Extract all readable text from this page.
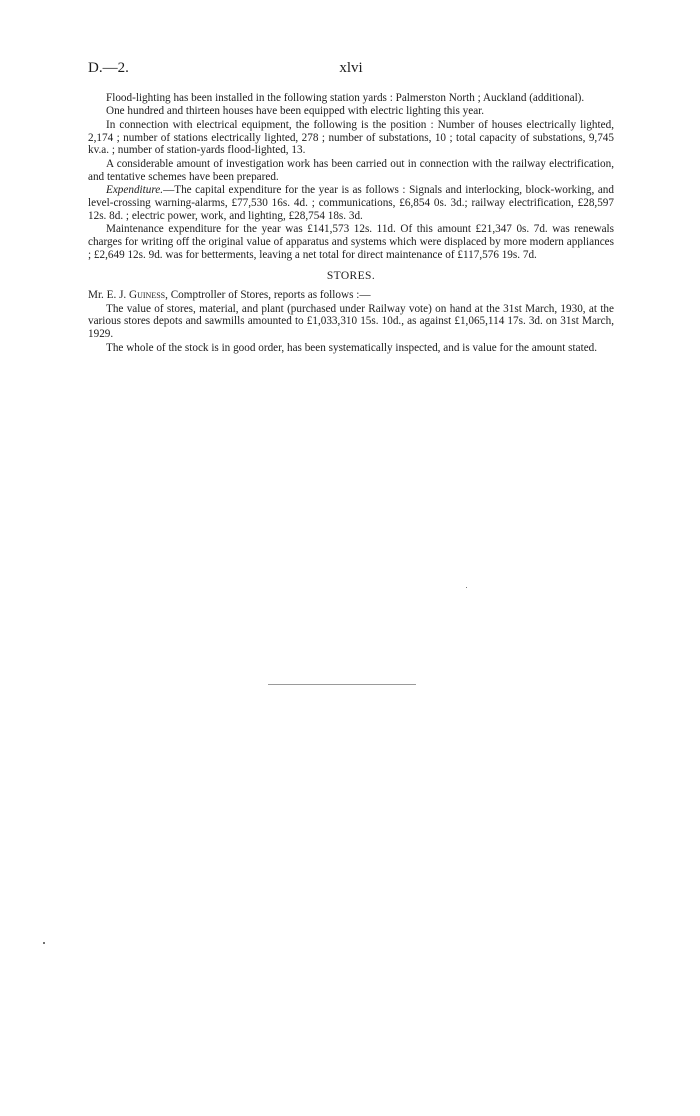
D.—2.	xlvi

Flood-lighting has been installed in the following station yards : Palmerston North ; Auckland (additional).

One hundred and thirteen houses have been equipped with electric lighting this year.

In connection with electrical equipment, the following is the position : Number of houses electrically lighted, 2,174 ; number of stations electrically lighted, 278 ; number of substations, 10 ; total capacity of substations, 9,745 kv.a. ; number of station-yards flood-lighted, 13.

A considerable amount of investigation work has been carried out in connection with the railway electrification, and tentative schemes have been prepared.

Expenditure.—The capital expenditure for the year is as follows : Signals and interlocking, block-working, and level-crossing warning-alarms, £77,530 16s. 4d. ; communications, £6,854 0s. 3d.; railway electrification, £28,597 12s. 8d. ; electric power, work, and lighting, £28,754 18s. 3d.

Maintenance expenditure for the year was £141,573 12s. 11d. Of this amount £21,347 0s. 7d. was renewals charges for writing off the original value of apparatus and systems which were displaced by more modern appliances ; £2,649 12s. 9d. was for betterments, leaving a net total for direct maintenance of £117,576 19s. 7d.

STORES.

Mr. E. J. Guiness, Comptroller of Stores, reports as follows :—

The value of stores, material, and plant (purchased under Railway vote) on hand at the 31st March, 1930, at the various stores depots and sawmills amounted to £1,033,310 15s. 10d., as against £1,065,114 17s. 3d. on 31st March, 1929.

The whole of the stock is in good order, has been systematically inspected, and is value for the amount stated.
